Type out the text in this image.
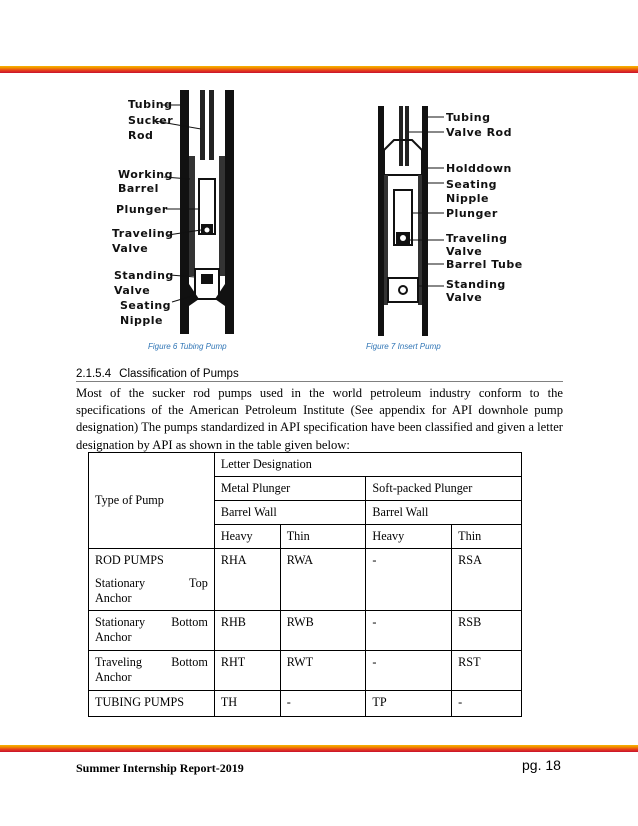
Tubing
Sucker
Rod
Working
Barrel
Plunger
Traveling
Valve
Standing
Valve
Seating
Nipple
Figure 6 Tubing Pump
Tubing
Valve Rod
Holddown
Seating
Nipple
Plunger
Traveling
Valve
Barrel Tube
Standing
Valve
Figure 7 Insert Pump
2.1.5.4 Classification of Pumps

Most of the sucker rod pumps used in the world petroleum industry conform to the specifications of the American Petroleum Institute (See appendix for API downhole pump designation) The pumps standardized in API specification have been classified and given a letter designation by API as shown in the table given below:

Type of Pump	Letter Designation			
	Metal Plunger		Soft-packed Plunger	
	Barrel Wall		Barrel Wall	
	Heavy	Thin	Heavy	Thin

ROD PUMPS
Stationary Top
Anchor	RHA	RWA	-	RSA

Stationary Bottom
Anchor	RHB	RWB	-	RSB

Traveling Bottom
Anchor	RHT	RWT	-	RST
TUBING PUMPS	TH	-	TP	-
Summer Internship Report-2019	pg. 18
